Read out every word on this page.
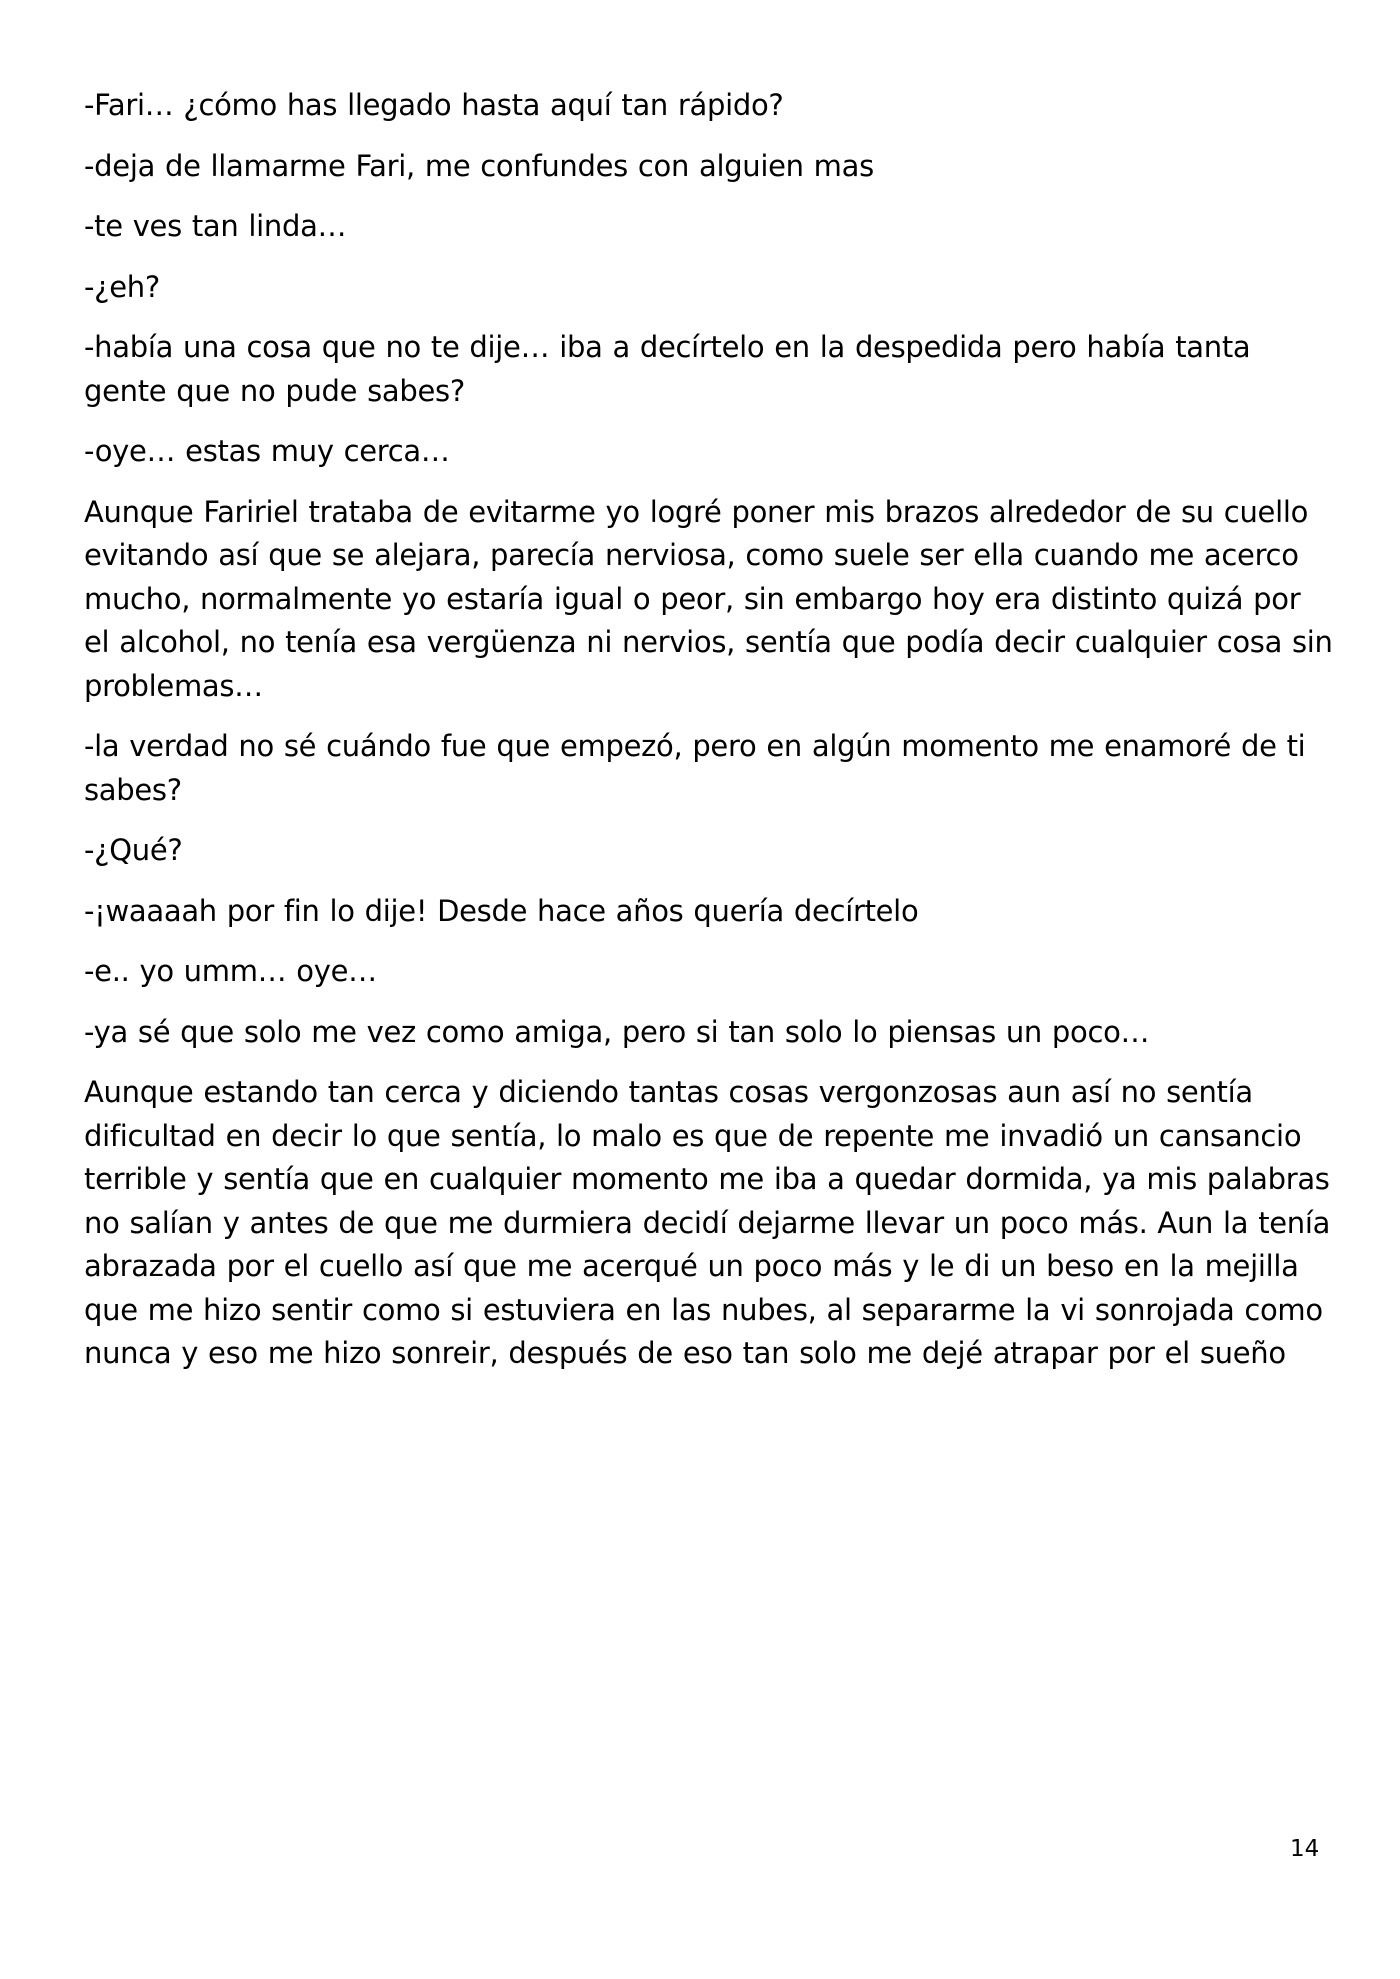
-Fari… ¿cómo has llegado hasta aquí tan rápido?

-deja de llamarme Fari, me confundes con alguien mas

-te ves tan linda…

-¿eh?

-había una cosa que no te dije… iba a decírtelo en la despedida pero había tanta gente que no pude sabes?

-oye… estas muy cerca…

Aunque Faririel trataba de evitarme yo logré poner mis brazos alrededor de su cuello evitando así que se alejara, parecía nerviosa, como suele ser ella cuando me acerco mucho, normalmente yo estaría igual o peor, sin embargo hoy era distinto quizá por el alcohol, no tenía esa vergüenza ni nervios, sentía que podía decir cualquier cosa sin problemas…

-la verdad no sé cuándo fue que empezó, pero en algún momento me enamoré de ti sabes?

-¿Qué?

-¡waaaah por fin lo dije! Desde hace años quería decírtelo

-e.. yo umm… oye…

-ya sé que solo me vez como amiga, pero si tan solo lo piensas un poco…

Aunque estando tan cerca y diciendo tantas cosas vergonzosas aun así no sentía dificultad en decir lo que sentía, lo malo es que de repente me invadió un cansancio terrible y sentía que en cualquier momento me iba a quedar dormida, ya mis palabras no salían y antes de que me durmiera decidí dejarme llevar un poco más. Aun la tenía abrazada por el cuello así que me acerqué un poco más y le di un beso en la mejilla que me hizo sentir como si estuviera en las nubes, al separarme la vi sonrojada como nunca y eso me hizo sonreir, después de eso tan solo me dejé atrapar por el sueño

14
